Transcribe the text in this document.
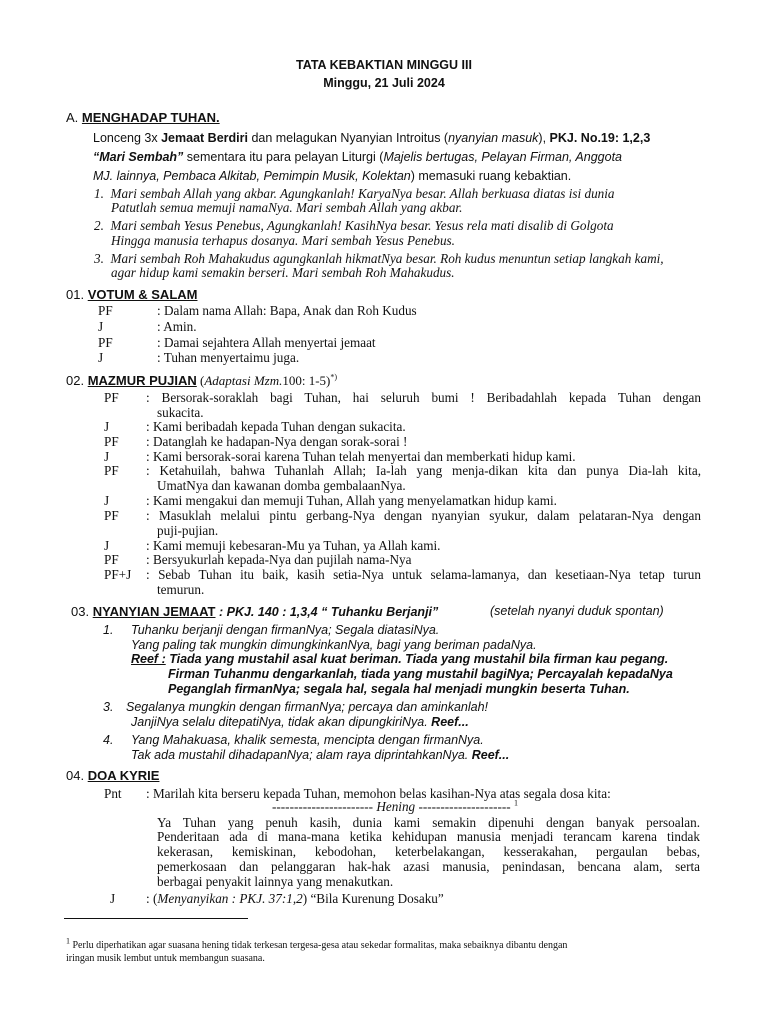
TATA KEBAKTIAN MINGGU III
Minggu, 21 Juli 2024
A. MENGHADAP TUHAN.
Lonceng 3x Jemaat Berdiri dan melagukan Nyanyian Introitus (nyanyian masuk), PKJ. No.19: 1,2,3
“Mari Sembah” sementara itu para pelayan Liturgi (Majelis bertugas, Pelayan Firman, Anggota
MJ. lainnya, Pembaca Alkitab, Pemimpin Musik, Kolektan) memasuki ruang kebaktian.
1. Mari sembah Allah yang akbar. Agungkanlah! KaryaNya besar. Allah berkuasa diatas isi dunia
Patutlah semua memuji namaNya. Mari sembah Allah yang akbar.
2. Mari sembah Yesus Penebus, Agungkanlah! KasihNya besar. Yesus rela mati disalib di Golgota
Hingga manusia terhapus dosanya. Mari sembah Yesus Penebus.
3. Mari sembah Roh Mahakudus agungkanlah hikmatNya besar. Roh kudus menuntun setiap langkah kami,
agar hidup kami semakin berseri. Mari sembah Roh Mahakudus.
01. VOTUM & SALAM
PF	: Dalam nama Allah: Bapa, Anak dan Roh Kudus
J	: Amin.
PF	: Damai sejahtera Allah menyertai jemaat
J	: Tuhan menyertaimu juga.
02. MAZMUR PUJIAN (Adaptasi Mzm.100: 1-5)*)
PF : Bersorak-soraklah bagi Tuhan, hai seluruh bumi ! Beribadahlah kepada Tuhan dengan
sukacita.
J	: Kami beribadah kepada Tuhan dengan sukacita.
PF : Datanglah ke hadapan-Nya dengan sorak-sorai !
J	: Kami bersorak-sorai karena Tuhan telah menyertai dan memberkati hidup kami.
PF : Ketahuilah, bahwa Tuhanlah Allah; Ia-lah yang menja-dikan kita dan punya Dia-lah kita,
UmatNya dan kawanan domba gembalaanNya.
J	: Kami mengakui dan memuji Tuhan, Allah yang menyelamatkan hidup kami.
PF : Masuklah melalui pintu gerbang-Nya dengan nyanyian syukur, dalam pelataran-Nya dengan
puji-pujian.
J	: Kami memuji kebesaran-Mu ya Tuhan, ya Allah kami.
PF : Bersyukurlah kepada-Nya dan pujilah nama-Nya
PF+J : Sebab Tuhan itu baik, kasih setia-Nya untuk selama-lamanya, dan kesetiaan-Nya tetap turun
temurun.
03. NYANYIAN JEMAAT : PKJ. 140 : 1,3,4 “ Tuhanku Berjanji”	(setelah nyanyi duduk spontan)
1. Tuhanku berjanji dengan firmanNya; Segala diatasiNya.
Yang paling tak mungkin dimungkinkanNya, bagi yang beriman padaNya.
Reef : Tiada yang mustahil asal kuat beriman. Tiada yang mustahil bila firman kau pegang.
Firman Tuhanmu dengarkanlah, tiada yang mustahil bagiNya; Percayalah kepadaNya
Peganglah firmanNya; segala hal, segala hal menjadi mungkin beserta Tuhan.
3. Segalanya mungkin dengan firmanNya; percaya dan aminkanlah!
JanjiNya selalu ditepatiNya, tidak akan dipungkiriNya. Reef...
4. Yang Mahakuasa, khalik semesta, mencipta dengan firmanNya.
Tak ada mustahil dihadapanNya; alam raya diprintahkanNya. Reef...
04. DOA KYRIE
Pnt : Marilah kita berseru kepada Tuhan, memohon belas kasihan-Nya atas segala dosa kita:
----------------------- Hening --------------------- $^1$
Ya Tuhan yang penuh kasih, dunia kami semakin dipenuhi dengan banyak persoalan.
Penderitaan ada di mana-mana ketika kehidupan manusia menjadi terancam karena tindak
kekerasan, kemiskinan, kebodohan, keterbelakangan, kesserakahan, pergaulan bebas,
pemerkosaan dan pelanggaran hak-hak azasi manusia, penindasan, bencana alam, serta
berbagai penyakit lainnya yang menakutkan.
J : (Menyanyikan : PKJ. 37:1,2) “Bila Kurenung Dosaku”
$^1$ Perlu diperhatikan agar suasana hening tidak terkesan tergesa-gesa atau sekedar formalitas, maka sebaiknya dibantu dengan
iringan musik lembut untuk membangun suasana.
